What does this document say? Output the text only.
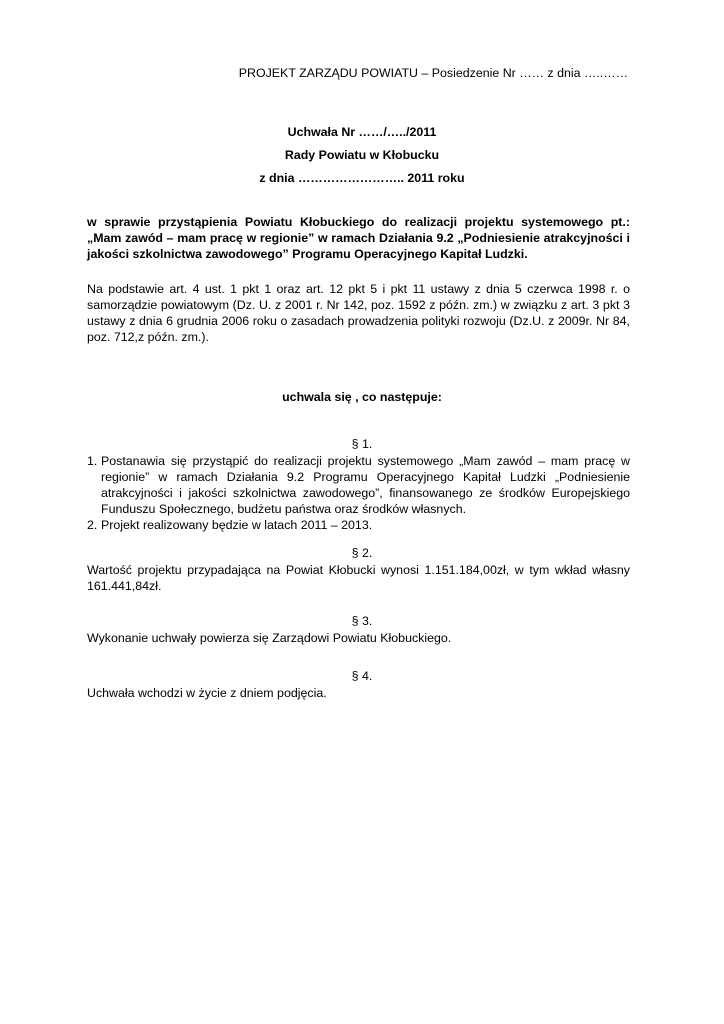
PROJEKT ZARZĄDU POWIATU – Posiedzenie Nr …… z dnia …..……
Uchwała Nr ……/…../2011
Rady Powiatu w Kłobucku
z dnia …………………….. 2011 roku
w sprawie przystąpienia Powiatu Kłobuckiego do realizacji projektu systemowego pt.: „Mam zawód – mam pracę w regionie” w ramach Działania 9.2 „Podniesienie atrakcyjności i jakości szkolnictwa zawodowego” Programu Operacyjnego Kapitał Ludzki.
Na podstawie art. 4 ust. 1 pkt 1 oraz art. 12 pkt 5 i pkt 11 ustawy z dnia 5 czerwca 1998 r. o samorządzie powiatowym (Dz. U. z 2001 r. Nr 142, poz. 1592 z późn. zm.) w związku z art. 3 pkt 3 ustawy z dnia 6 grudnia 2006 roku o zasadach prowadzenia polityki rozwoju (Dz.U. z 2009r. Nr 84, poz. 712,z późn. zm.).
uchwala się , co następuje:
§ 1.
1. Postanawia się przystąpić do realizacji projektu systemowego „Mam zawód – mam pracę w regionie” w ramach Działania 9.2 Programu Operacyjnego Kapitał Ludzki „Podniesienie atrakcyjności i jakości szkolnictwa zawodowego”, finansowanego ze środków Europejskiego Funduszu Społecznego, budżetu państwa oraz środków własnych.
2. Projekt realizowany będzie w latach 2011 – 2013.
§ 2.
Wartość projektu przypadająca na Powiat Kłobucki wynosi 1.151.184,00zł, w tym wkład własny 161.441,84zł.
§ 3.
Wykonanie uchwały powierza się Zarządowi Powiatu Kłobuckiego.
§ 4.
Uchwała wchodzi w życie z dniem podjęcia.
